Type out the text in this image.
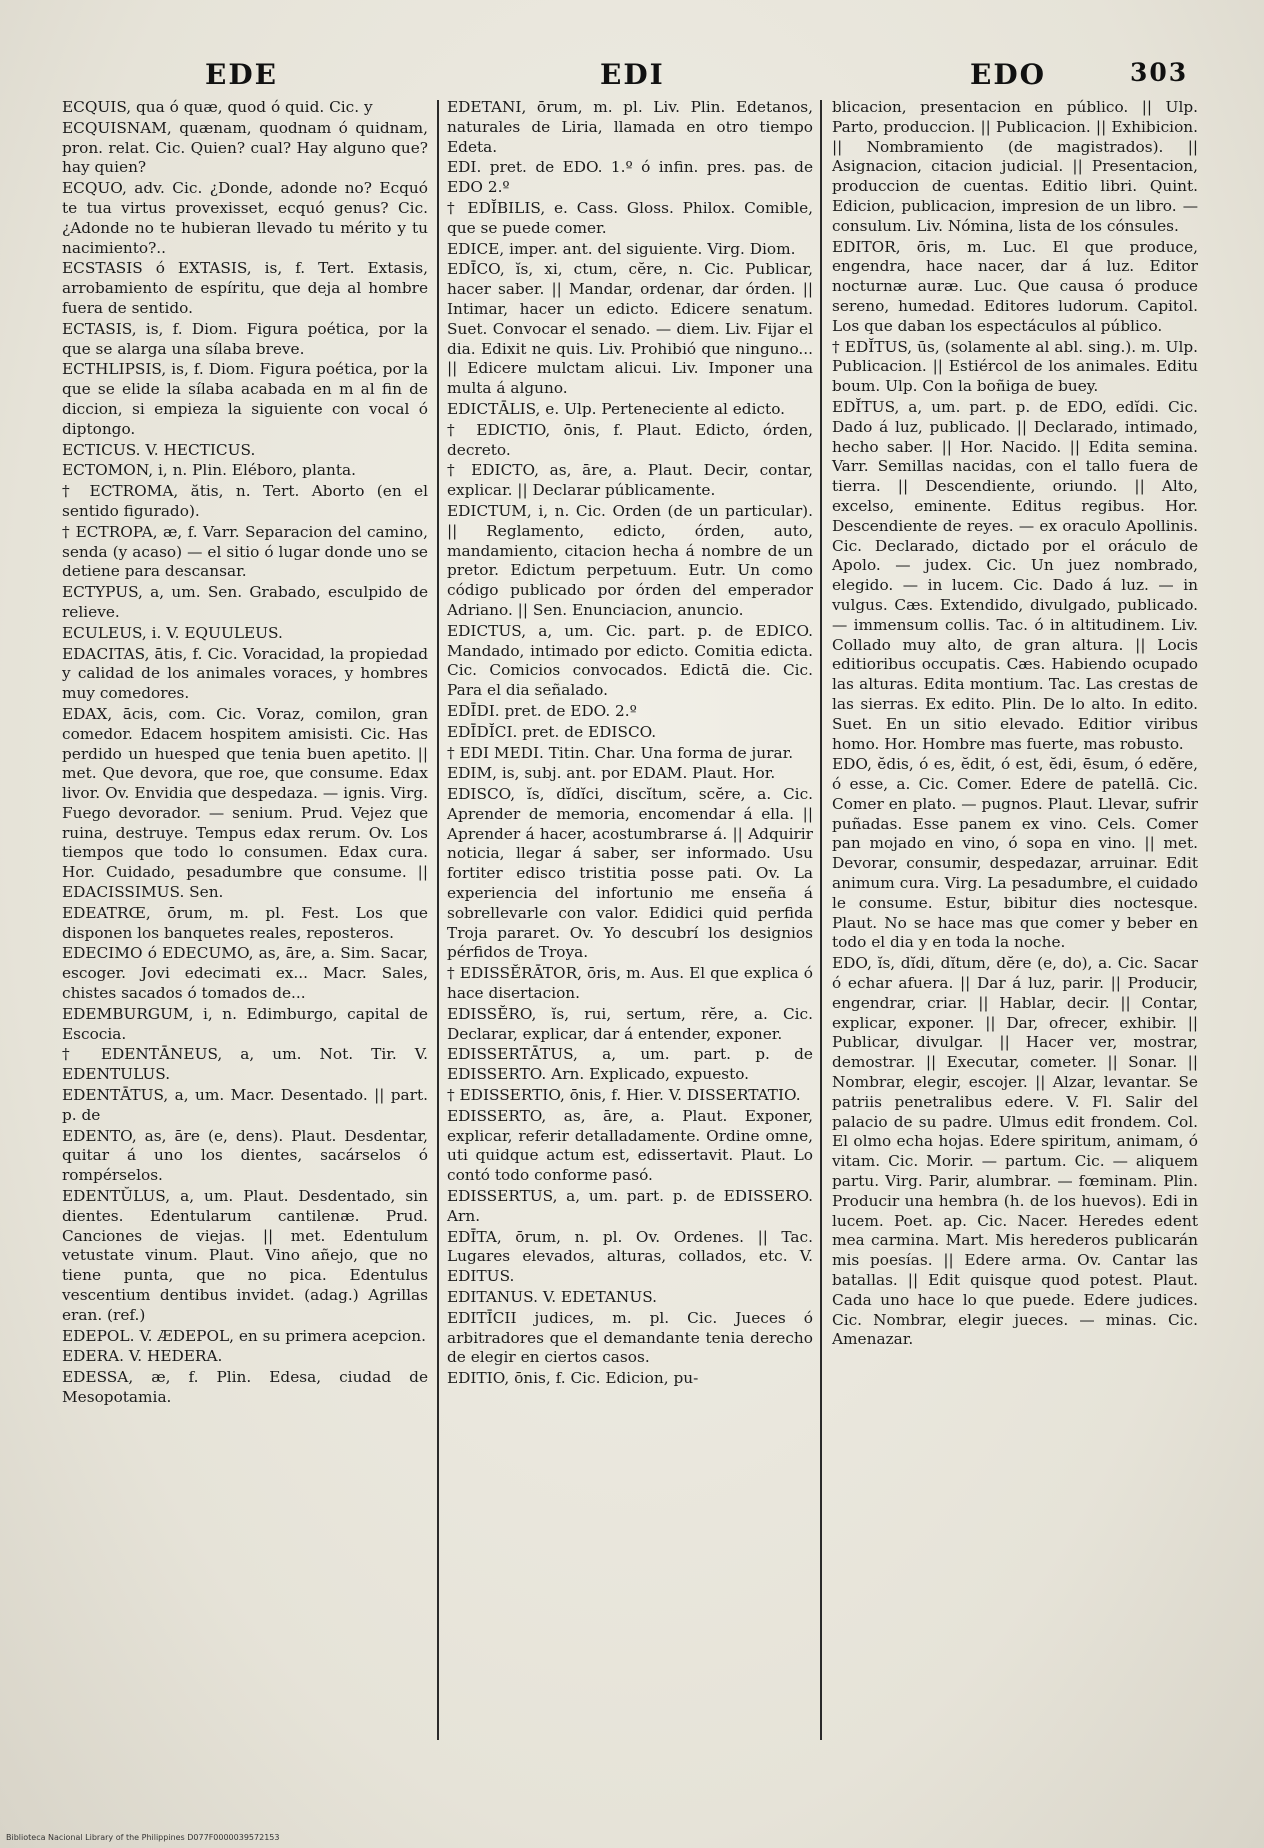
EDE	EDI	EDO	303

ECQUIS, qua ó quæ, quod ó quid. Cic. y

ECQUISNAM, quænam, quodnam ó quidnam, pron. relat. Cic. Quien? cual? Hay alguno que? hay quien?

ECQUO, adv. Cic. ¿Donde, adonde no? Ecquó te tua virtus provexisset, ecquó genus? Cic. ¿Adonde no te hubieran llevado tu mérito y tu nacimiento?..

ECSTASIS ó EXTASIS, is, f. Tert. Extasis, arrobamiento de espíritu, que deja al hombre fuera de sentido.

ECTASIS, is, f. Diom. Figura poética, por la que se alarga una sílaba breve.

ECTHLIPSIS, is, f. Diom. Figura poética, por la que se elide la sílaba acabada en m al fin de diccion, si empieza la siguiente con vocal ó diptongo.

ECTICUS. V. HECTICUS.

ECTOMON, i, n. Plin. Eléboro, planta.

† ECTROMA, ătis, n. Tert. Aborto (en el sentido figurado).

† ECTROPA, æ, f. Varr. Separacion del camino, senda (y acaso) — el sitio ó lugar donde uno se detiene para descansar.

ECTYPUS, a, um. Sen. Grabado, esculpido de relieve.

ECULEUS, i. V. EQUULEUS.

EDACITAS, ātis, f. Cic. Voracidad, la propiedad y calidad de los animales voraces, y hombres muy comedores.

EDAX, ācis, com. Cic. Voraz, comilon, gran comedor. Edacem hospitem amisisti. Cic. Has perdido un huesped que tenia buen apetito. || met. Que devora, que roe, que consume. Edax livor. Ov. Envidia que despedaza. — ignis. Virg. Fuego devorador. — senium. Prud. Vejez que ruina, destruye. Tempus edax rerum. Ov. Los tiempos que todo lo consumen. Edax cura. Hor. Cuidado, pesadumbre que consume. || EDACISSIMUS. Sen.

EDEATRŒ, ōrum, m. pl. Fest. Los que disponen los banquetes reales, reposteros.

EDECIMO ó EDECUMO, as, āre, a. Sim. Sacar, escoger. Jovi edecimati ex... Macr. Sales, chistes sacados ó tomados de...

EDEMBURGUM, i, n. Edimburgo, capital de Escocia.

† EDENTĀNEUS, a, um. Not. Tir. V. EDENTULUS.

EDENTĀTUS, a, um. Macr. Desentado. || part. p. de

EDENTO, as, āre (e, dens). Plaut. Desdentar, quitar á uno los dientes, sacárselos ó rompérselos.

EDENTŬLUS, a, um. Plaut. Desdentado, sin dientes. Edentularum cantilenæ. Prud. Canciones de viejas. || met. Edentulum vetustate vinum. Plaut. Vino añejo, que no tiene punta, que no pica. Edentulus vescentium dentibus invidet. (adag.) Agrillas eran. (ref.)

EDEPOL. V. ÆDEPOL, en su primera acepcion.

EDERA. V. HEDERA.

EDESSA, æ, f. Plin. Edesa, ciudad de Mesopotamia.

EDETANI, ōrum, m. pl. Liv. Plin. Edetanos, naturales de Liria, llamada en otro tiempo Edeta.

EDI. pret. de EDO. 1.º ó infin. pres. pas. de EDO 2.º

† EDĬBILIS, e. Cass. Gloss. Philox. Comible, que se puede comer.

EDICE, imper. ant. del siguiente. Virg. Diom.

EDĪCO, ĭs, xi, ctum, cĕre, n. Cic. Publicar, hacer saber. || Mandar, ordenar, dar órden. || Intimar, hacer un edicto. Edicere senatum. Suet. Convocar el senado. — diem. Liv. Fijar el dia. Edixit ne quis. Liv. Prohibió que ninguno... || Edicere mulctam alicui. Liv. Imponer una multa á alguno.

EDICTĀLIS, e. Ulp. Perteneciente al edicto.

† EDICTIO, ōnis, f. Plaut. Edicto, órden, decreto.

† EDICTO, as, āre, a. Plaut. Decir, contar, explicar. || Declarar públicamente.

EDICTUM, i, n. Cic. Orden (de un particular). || Reglamento, edicto, órden, auto, mandamiento, citacion hecha á nombre de un pretor. Edictum perpetuum. Eutr. Un como código publicado por órden del emperador Adriano. || Sen. Enunciacion, anuncio.

EDICTUS, a, um. Cic. part. p. de EDICO. Mandado, intimado por edicto. Comitia edicta. Cic. Comicios convocados. Edictā die. Cic. Para el dia señalado.

EDĪDI. pret. de EDO. 2.º

EDĪDĬCI. pret. de EDISCO.

† EDI MEDI. Titin. Char. Una forma de jurar.

EDIM, is, subj. ant. por EDAM. Plaut. Hor.

EDISCO, ĭs, dĭdĭci, discĭtum, scĕre, a. Cic. Aprender de memoria, encomendar á ella. || Aprender á hacer, acostumbrarse á. || Adquirir noticia, llegar á saber, ser informado. Usu fortiter edisco tristitia posse pati. Ov. La experiencia del infortunio me enseña á sobrellevarle con valor. Edidici quid perfida Troja pararet. Ov. Yo descubrí los designios pérfidos de Troya.

† EDISSĔRĀTOR, ōris, m. Aus. El que explica ó hace disertacion.

EDISSĔRO, ĭs, rui, sertum, rĕre, a. Cic. Declarar, explicar, dar á entender, exponer.

EDISSERTĀTUS, a, um. part. p. de EDISSERTO. Arn. Explicado, expuesto.

† EDISSERTIO, ōnis, f. Hier. V. DISSERTATIO.

EDISSERTO, as, āre, a. Plaut. Exponer, explicar, referir detalladamente. Ordine omne, uti quidque actum est, edissertavit. Plaut. Lo contó todo conforme pasó.

EDISSERTUS, a, um. part. p. de EDISSERO. Arn.

EDĪTA, ōrum, n. pl. Ov. Ordenes. || Tac. Lugares elevados, alturas, collados, etc. V. EDITUS.

EDITANUS. V. EDETANUS.

EDITĪCII judices, m. pl. Cic. Jueces ó arbitradores que el demandante tenia derecho de elegir en ciertos casos.

EDITIO, ōnis, f. Cic. Edicion, pu-

blicacion, presentacion en público. || Ulp. Parto, produccion. || Publicacion. || Exhibicion. || Nombramiento (de magistrados). || Asignacion, citacion judicial. || Presentacion, produccion de cuentas. Editio libri. Quint. Edicion, publicacion, impresion de un libro. — consulum. Liv. Nómina, lista de los cónsules.

EDITOR, ōris, m. Luc. El que produce, engendra, hace nacer, dar á luz. Editor nocturnæ auræ. Luc. Que causa ó produce sereno, humedad. Editores ludorum. Capitol. Los que daban los espectáculos al público.

† EDĬTUS, ūs, (solamente al abl. sing.). m. Ulp. Publicacion. || Estiércol de los animales. Editu boum. Ulp. Con la boñiga de buey.

EDĬTUS, a, um. part. p. de EDO, edĭdi. Cic. Dado á luz, publicado. || Declarado, intimado, hecho saber. || Hor. Nacido. || Edita semina. Varr. Semillas nacidas, con el tallo fuera de tierra. || Descendiente, oriundo. || Alto, excelso, eminente. Editus regibus. Hor. Descendiente de reyes. — ex oraculo Apollinis. Cic. Declarado, dictado por el oráculo de Apolo. — judex. Cic. Un juez nombrado, elegido. — in lucem. Cic. Dado á luz. — in vulgus. Cæs. Extendido, divulgado, publicado. — immensum collis. Tac. ó in altitudinem. Liv. Collado muy alto, de gran altura. || Locis editioribus occupatis. Cæs. Habiendo ocupado las alturas. Edita montium. Tac. Las crestas de las sierras. Ex edito. Plin. De lo alto. In edito. Suet. En un sitio elevado. Editior viribus homo. Hor. Hombre mas fuerte, mas robusto.

EDO, ĕdis, ó es, ĕdit, ó est, ĕdi, ēsum, ó edĕre, ó esse, a. Cic. Comer. Edere de patellā. Cic. Comer en plato. — pugnos. Plaut. Llevar, sufrir puñadas. Esse panem ex vino. Cels. Comer pan mojado en vino, ó sopa en vino. || met. Devorar, consumir, despedazar, arruinar. Edit animum cura. Virg. La pesadumbre, el cuidado le consume. Estur, bibitur dies noctesque. Plaut. No se hace mas que comer y beber en todo el dia y en toda la noche.

EDO, ĭs, dĭdi, dĭtum, dĕre (e, do), a. Cic. Sacar ó echar afuera. || Dar á luz, parir. || Producir, engendrar, criar. || Hablar, decir. || Contar, explicar, exponer. || Dar, ofrecer, exhibir. || Publicar, divulgar. || Hacer ver, mostrar, demostrar. || Executar, cometer. || Sonar. || Nombrar, elegir, escojer. || Alzar, levantar. Se patriis penetralibus edere. V. Fl. Salir del palacio de su padre. Ulmus edit frondem. Col. El olmo echa hojas. Edere spiritum, animam, ó vitam. Cic. Morir. — partum. Cic. — aliquem partu. Virg. Parir, alumbrar. — fœminam. Plin. Producir una hembra (h. de los huevos). Edi in lucem. Poet. ap. Cic. Nacer. Heredes edent mea carmina. Mart. Mis herederos publicarán mis poesías. || Edere arma. Ov. Cantar las batallas. || Edit quisque quod potest. Plaut. Cada uno hace lo que puede. Edere judices. Cic. Nombrar, elegir jueces. — minas. Cic. Amenazar.

Biblioteca Nacional Library of the Philippines D077F0000039572153
